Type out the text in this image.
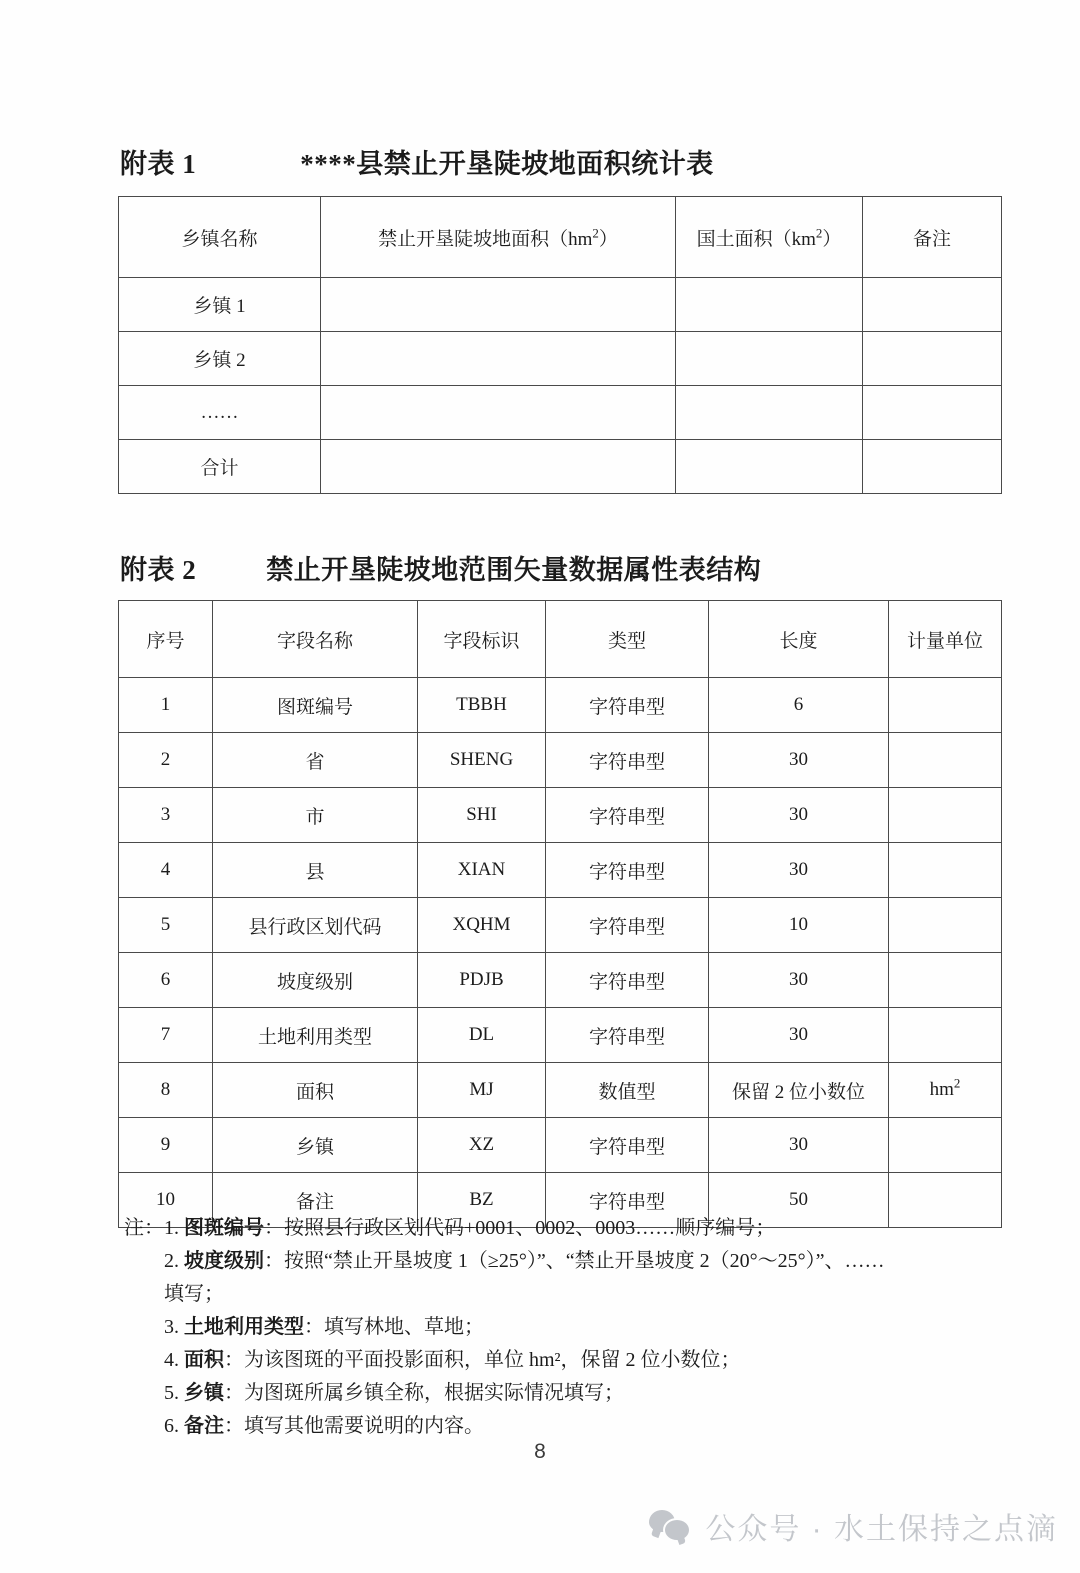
附表 1	****县禁止开垦陡坡地面积统计表
乡镇名称	禁止开垦陡坡地面积$(hm^2)$	国土面积$(km^2)$	备注
乡镇 1			
乡镇 2			
……			
合计			
附表 2	禁止开垦陡坡地范围矢量数据属性表结构
序号	字段名称	字段标识	类型	长度	计量单位
1	图斑编号	TBBH	字符串型	6	
2	省	SHENG	字符串型	30	
3	市	SHI	字符串型	30	
4	县	XIAN	字符串型	30	
5	县行政区划代码	XQHM	字符串型	10	
6	坡度级别	PDJB	字符串型	30	
7	土地利用类型	DL	字符串型	30	
8	面积	MJ	数值型	保留 2 位小数位	$hm^2$
9	乡镇	XZ	字符串型	30	
10	备注	BZ	字符串型	50	
注：1. 图斑编号：按照县行政区划代码+0001、0002、0003……顺序编号；
2. 坡度级别：按照“禁止开垦坡度 1（≥25°）”、“禁止开垦坡度 2（20°～25°）”、……
填写；
3. 土地利用类型：填写林地、草地；
4. 面积：为该图斑的平面投影面积，单位 hm²，保留 2 位小数位；
5. 乡镇：为图斑所属乡镇全称，根据实际情况填写；
6. 备注：填写其他需要说明的内容。
8
公众号 · 水土保持之点滴
